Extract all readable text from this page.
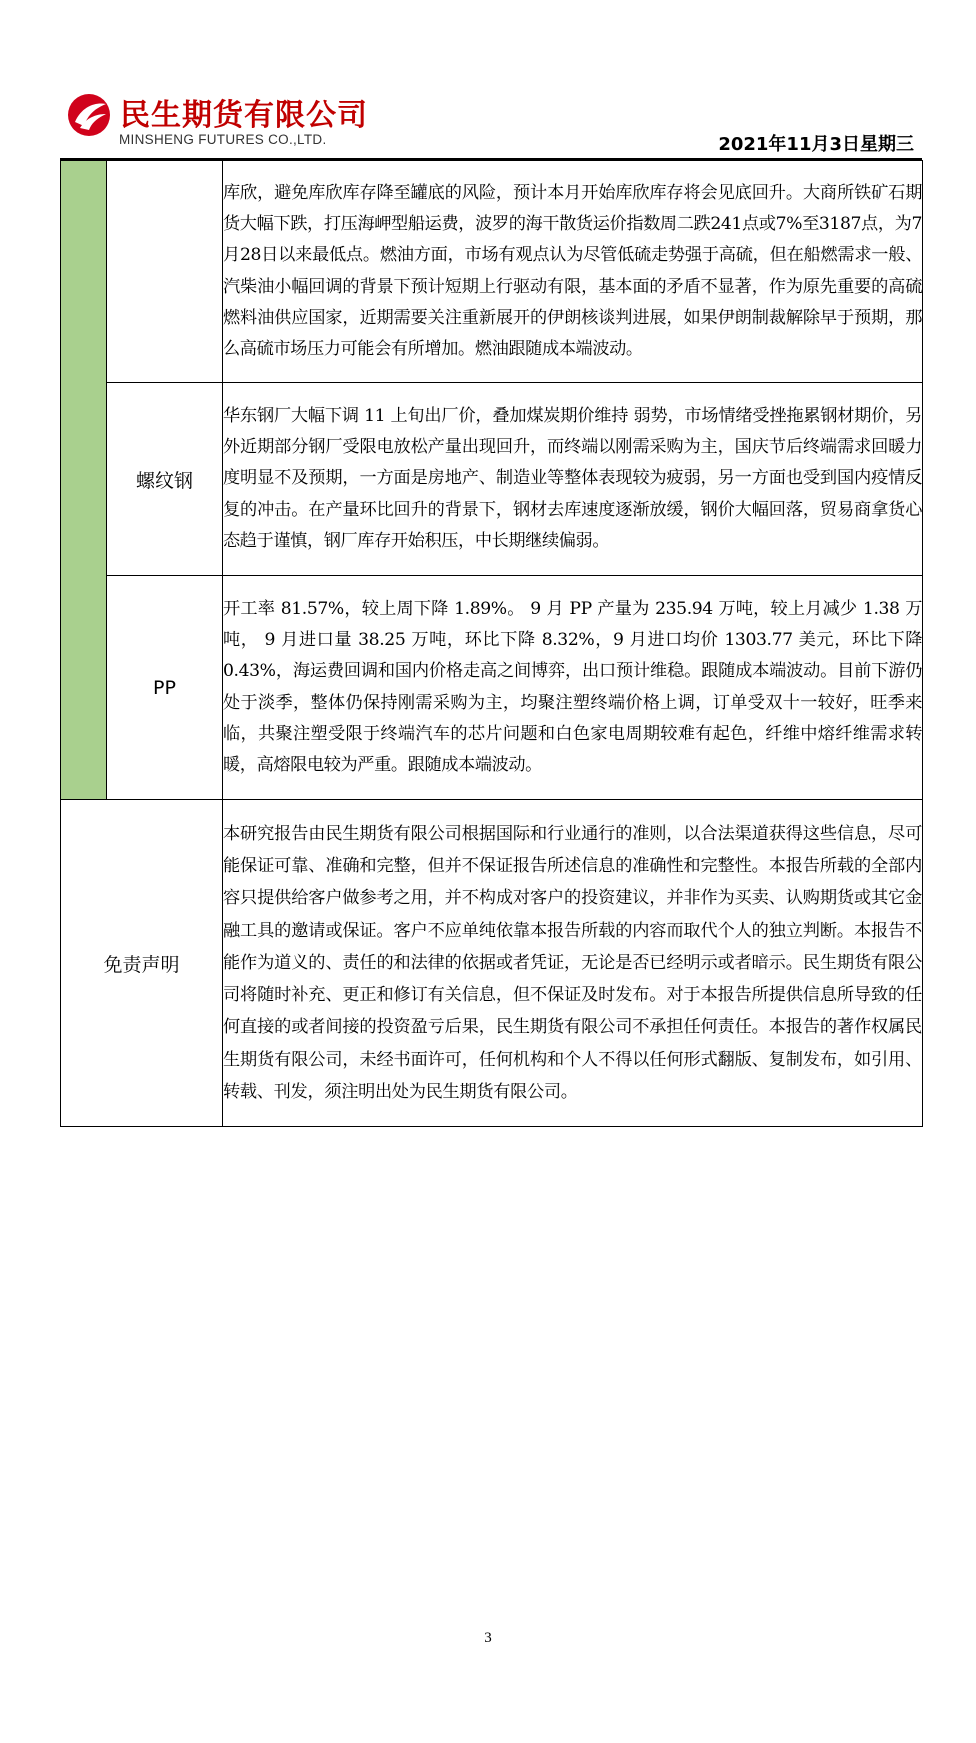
民生期货有限公司
MINSHENG FUTURES CO.,LTD.	2021年11月3日星期三
		库欣，避免库欣库存降至罐底的风险，预计本月开始库欣库存将会见底回升。大商所铁矿石期货大幅下跌，打压海岬型船运费，波罗的海干散货运价指数周二跌241点或7%至3187点，为7月28日以来最低点。燃油方面，市场有观点认为尽管低硫走势强于高硫，但在船燃需求一般、汽柴油小幅回调的背景下预计短期上行驱动有限，基本面的矛盾不显著，作为原先重要的高硫燃料油供应国家，近期需要关注重新展开的伊朗核谈判进展，如果伊朗制裁解除早于预期，那么高硫市场压力可能会有所增加。燃油跟随成本端波动。
	螺纹钢	华东钢厂大幅下调 11 上旬出厂价，叠加煤炭期价维持 弱势，市场情绪受挫拖累钢材期价，另外近期部分钢厂受限电放松产量出现回升，而终端以刚需采购为主，国庆节后终端需求回暖力度明显不及预期，一方面是房地产、制造业等整体表现较为疲弱，另一方面也受到国内疫情反复的冲击。在产量环比回升的背景下，钢材去库速度逐渐放缓，钢价大幅回落，贸易商拿货心态趋于谨慎，钢厂库存开始积压，中长期继续偏弱。
	PP	开工率 81.57%，较上周下降 1.89%。 9 月 PP 产量为 235.94 万吨，较上月减少 1.38 万吨， 9 月进口量 38.25 万吨，环比下降 8.32%，9 月进口均价 1303.77 美元，环比下降 0.43%，海运费回调和国内价格走高之间博弈，出口预计维稳。跟随成本端波动。目前下游仍处于淡季，整体仍保持刚需采购为主，均聚注塑终端价格上调，订单受双十一较好，旺季来临，共聚注塑受限于终端汽车的芯片问题和白色家电周期较难有起色，纤维中熔纤维需求转暖，高熔限电较为严重。跟随成本端波动。
免责声明		本研究报告由民生期货有限公司根据国际和行业通行的准则，以合法渠道获得这些信息，尽可能保证可靠、准确和完整，但并不保证报告所述信息的准确性和完整性。本报告所载的全部内容只提供给客户做参考之用，并不构成对客户的投资建议，并非作为买卖、认购期货或其它金融工具的邀请或保证。客户不应单纯依靠本报告所载的内容而取代个人的独立判断。本报告不能作为道义的、责任的和法律的依据或者凭证，无论是否已经明示或者暗示。民生期货有限公司将随时补充、更正和修订有关信息，但不保证及时发布。对于本报告所提供信息所导致的任何直接的或者间接的投资盈亏后果，民生期货有限公司不承担任何责任。本报告的著作权属民生期货有限公司，未经书面许可，任何机构和个人不得以任何形式翻版、复制发布，如引用、转载、刊发，须注明出处为民生期货有限公司。
3
